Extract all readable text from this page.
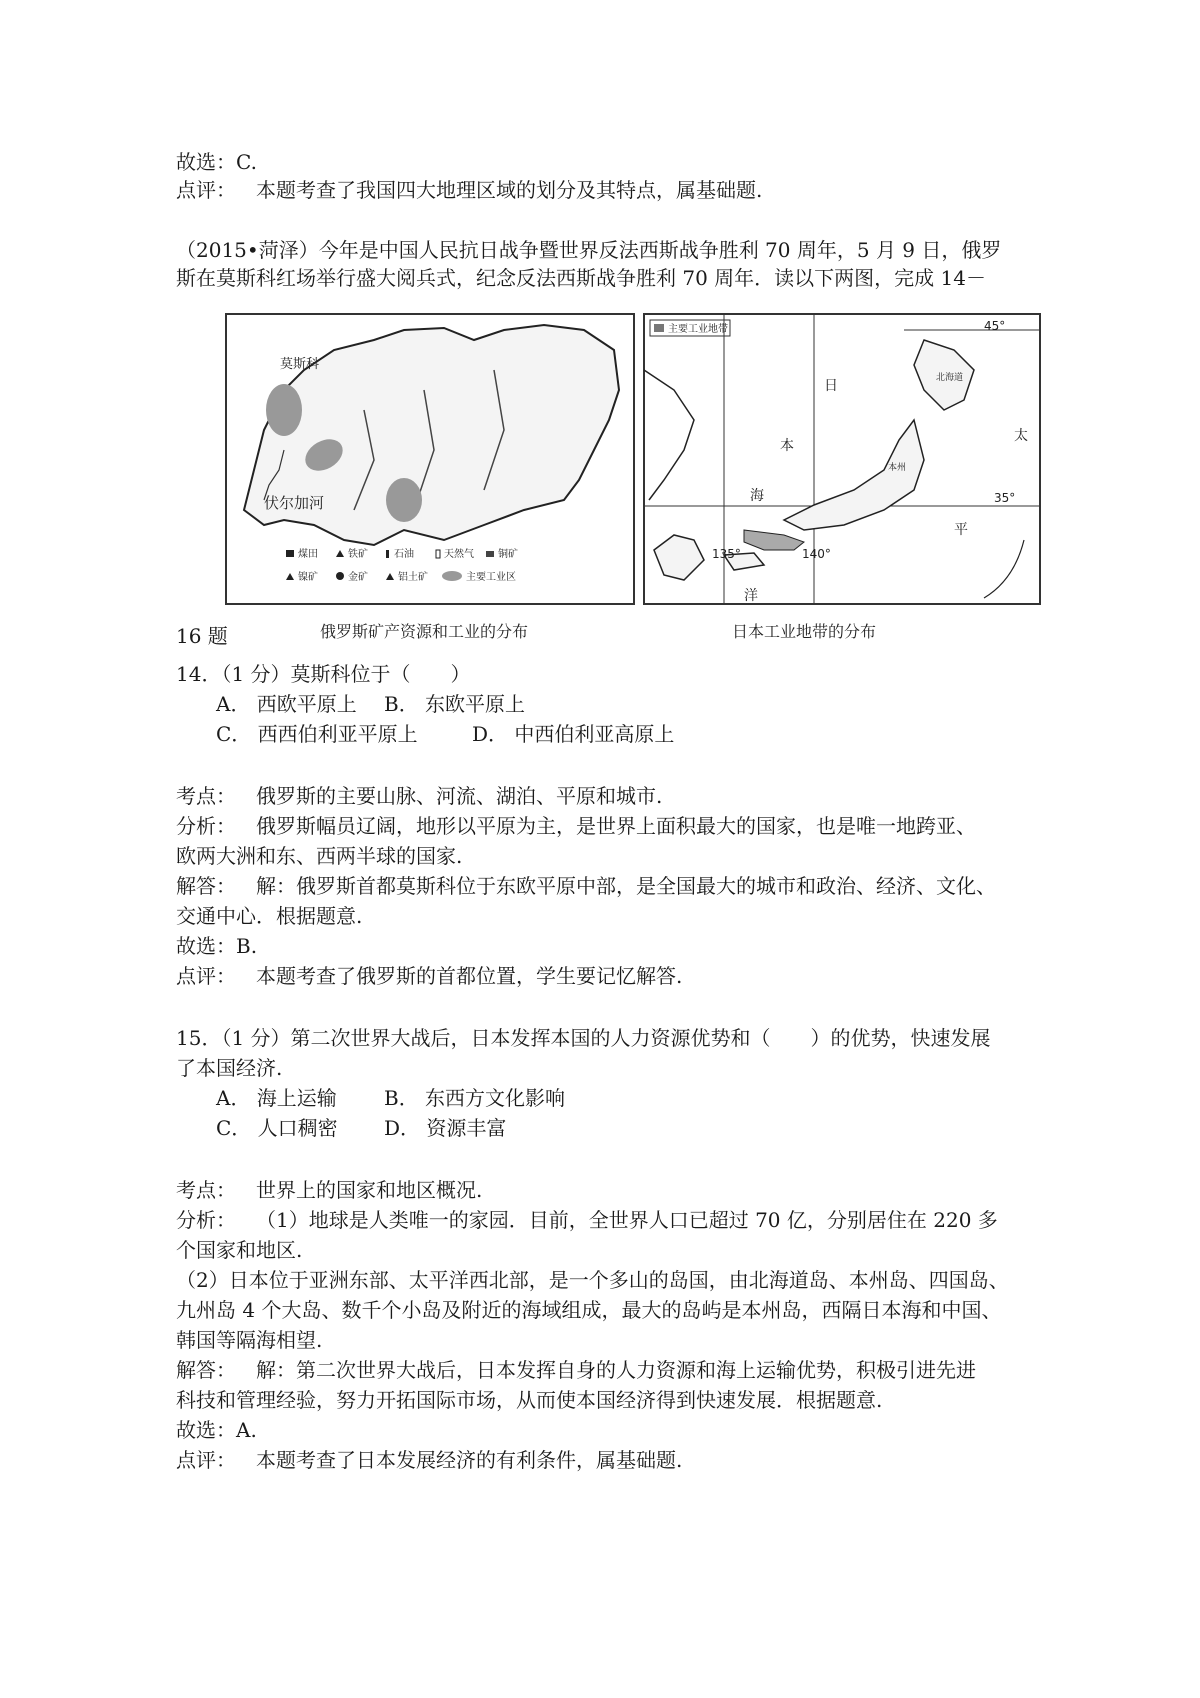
故选：C.
点评： 本题考查了我国四大地理区域的划分及其特点，属基础题.
（2015•菏泽）今年是中国人民抗日战争暨世界反法西斯战争胜利 70 周年，5 月 9 日，俄罗
斯在莫斯科红场举行盛大阅兵式，纪念反法西斯战争胜利 70 周年．读以下两图，完成 14－
莫斯科
伏尔加河
煤田	铁矿	石油	天然气 铜矿
镍矿	金矿	铝土矿	主要工业区
主要工业地带	45°
35°
135°	140°
日
本
海
太
平
洋
北海道
本州
俄罗斯矿产资源和工业的分布	日本工业地带的分布
16 题
14．（1 分）莫斯科位于（　　）
A． 西欧平原上 B． 东欧平原上
C． 西西伯利亚平原上	D． 中西伯利亚高原上
考点： 俄罗斯的主要山脉、河流、湖泊、平原和城市.
分析： 俄罗斯幅员辽阔，地形以平原为主，是世界上面积最大的国家，也是唯一地跨亚、
欧两大洲和东、西两半球的国家.
解答： 解：俄罗斯首都莫斯科位于东欧平原中部，是全国最大的城市和政治、经济、文化、
交通中心．根据题意.
故选：B.
点评： 本题考查了俄罗斯的首都位置，学生要记忆解答.
15．（1 分）第二次世界大战后，日本发挥本国的人力资源优势和（　　）的优势，快速发展
了本国经济.
A． 海上运输 B． 东西方文化影响
C． 人口稠密 D． 资源丰富
考点： 世界上的国家和地区概况.
分析： （1）地球是人类唯一的家园．目前，全世界人口已超过 70 亿，分别居住在 220 多
个国家和地区.
（2）日本位于亚洲东部、太平洋西北部，是一个多山的岛国，由北海道岛、本州岛、四国岛、
九州岛 4 个大岛、数千个小岛及附近的海域组成，最大的岛屿是本州岛，西隔日本海和中国、
韩国等隔海相望.
解答： 解：第二次世界大战后，日本发挥自身的人力资源和海上运输优势，积极引进先进
科技和管理经验，努力开拓国际市场，从而使本国经济得到快速发展．根据题意.
故选：A.
点评： 本题考查了日本发展经济的有利条件，属基础题.
